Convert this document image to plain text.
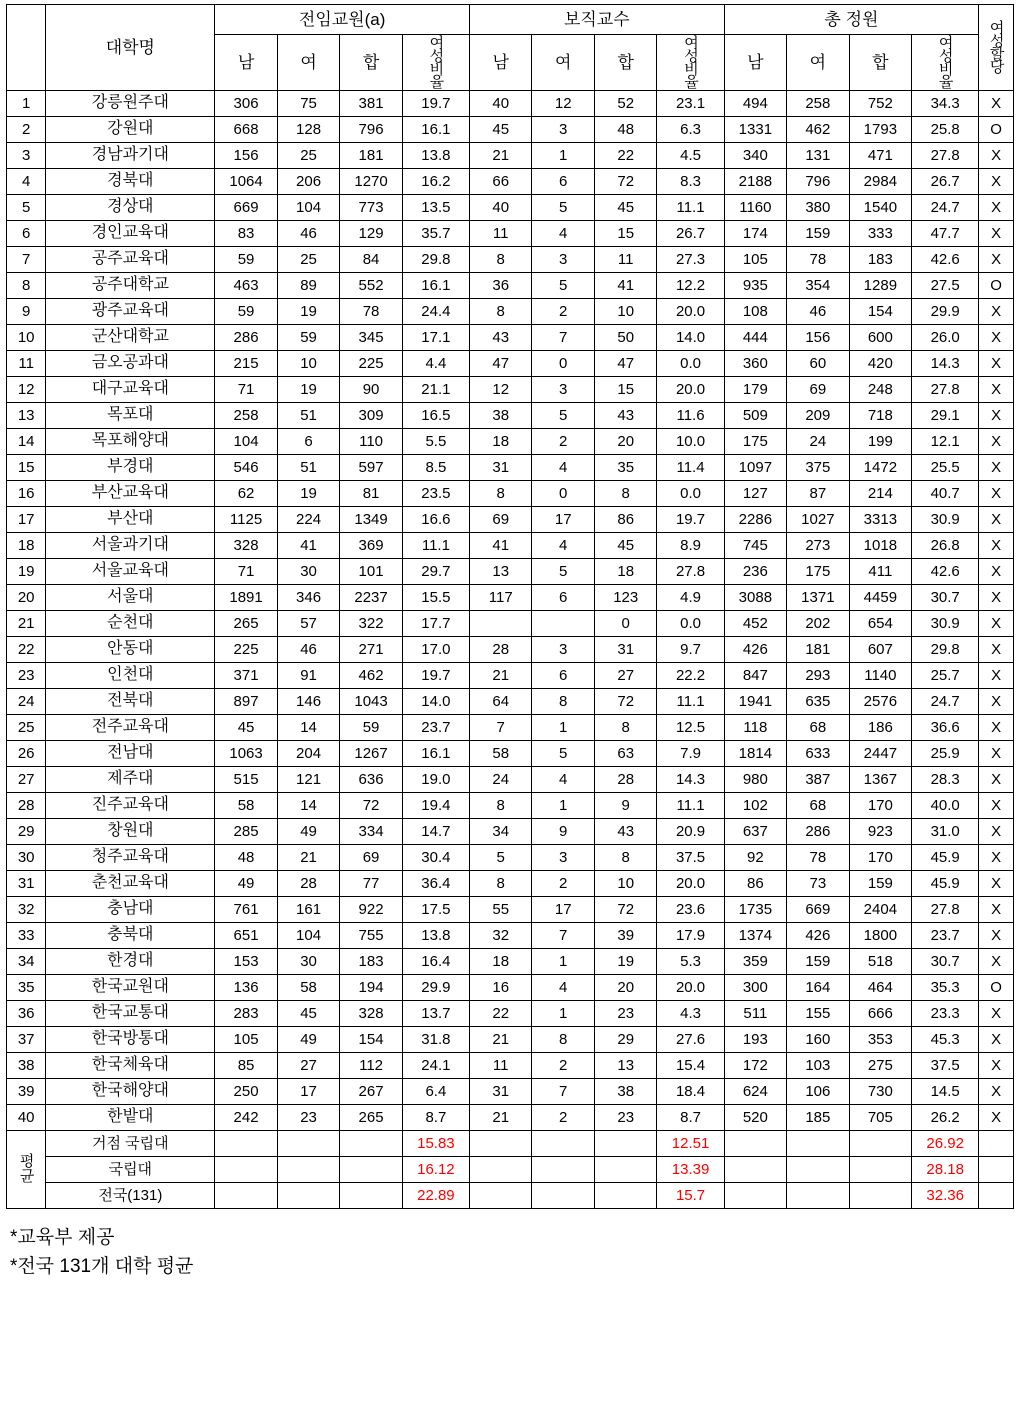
	대학명	전임교원(a)				보직교수				총 정원				여성할당
		남	여	합	여성비율	남	여	합	여성비율	남	여	합	여성비율	
1	강릉원주대	306	75	381	19.7	40	12	52	23.1	494	258	752	34.3	X
2	강원대	668	128	796	16.1	45	3	48	6.3	1331	462	1793	25.8	O
3	경남과기대	156	25	181	13.8	21	1	22	4.5	340	131	471	27.8	X
4	경북대	1064	206	1270	16.2	66	6	72	8.3	2188	796	2984	26.7	X
5	경상대	669	104	773	13.5	40	5	45	11.1	1160	380	1540	24.7	X
6	경인교육대	83	46	129	35.7	11	4	15	26.7	174	159	333	47.7	X
7	공주교육대	59	25	84	29.8	8	3	11	27.3	105	78	183	42.6	X
8	공주대학교	463	89	552	16.1	36	5	41	12.2	935	354	1289	27.5	O
9	광주교육대	59	19	78	24.4	8	2	10	20.0	108	46	154	29.9	X
10	군산대학교	286	59	345	17.1	43	7	50	14.0	444	156	600	26.0	X
11	금오공과대	215	10	225	4.4	47	0	47	0.0	360	60	420	14.3	X
12	대구교육대	71	19	90	21.1	12	3	15	20.0	179	69	248	27.8	X
13	목포대	258	51	309	16.5	38	5	43	11.6	509	209	718	29.1	X
14	목포해양대	104	6	110	5.5	18	2	20	10.0	175	24	199	12.1	X
15	부경대	546	51	597	8.5	31	4	35	11.4	1097	375	1472	25.5	X
16	부산교육대	62	19	81	23.5	8	0	8	0.0	127	87	214	40.7	X
17	부산대	1125	224	1349	16.6	69	17	86	19.7	2286	1027	3313	30.9	X
18	서울과기대	328	41	369	11.1	41	4	45	8.9	745	273	1018	26.8	X
19	서울교육대	71	30	101	29.7	13	5	18	27.8	236	175	411	42.6	X
20	서울대	1891	346	2237	15.5	117	6	123	4.9	3088	1371	4459	30.7	X
21	순천대	265	57	322	17.7			0	0.0	452	202	654	30.9	X
22	안동대	225	46	271	17.0	28	3	31	9.7	426	181	607	29.8	X
23	인천대	371	91	462	19.7	21	6	27	22.2	847	293	1140	25.7	X
24	전북대	897	146	1043	14.0	64	8	72	11.1	1941	635	2576	24.7	X
25	전주교육대	45	14	59	23.7	7	1	8	12.5	118	68	186	36.6	X
26	전남대	1063	204	1267	16.1	58	5	63	7.9	1814	633	2447	25.9	X
27	제주대	515	121	636	19.0	24	4	28	14.3	980	387	1367	28.3	X
28	진주교육대	58	14	72	19.4	8	1	9	11.1	102	68	170	40.0	X
29	창원대	285	49	334	14.7	34	9	43	20.9	637	286	923	31.0	X
30	청주교육대	48	21	69	30.4	5	3	8	37.5	92	78	170	45.9	X
31	춘천교육대	49	28	77	36.4	8	2	10	20.0	86	73	159	45.9	X
32	충남대	761	161	922	17.5	55	17	72	23.6	1735	669	2404	27.8	X
33	충북대	651	104	755	13.8	32	7	39	17.9	1374	426	1800	23.7	X
34	한경대	153	30	183	16.4	18	1	19	5.3	359	159	518	30.7	X
35	한국교원대	136	58	194	29.9	16	4	20	20.0	300	164	464	35.3	O
36	한국교통대	283	45	328	13.7	22	1	23	4.3	511	155	666	23.3	X
37	한국방통대	105	49	154	31.8	21	8	29	27.6	193	160	353	45.3	X
38	한국체육대	85	27	112	24.1	11	2	13	15.4	172	103	275	37.5	X
39	한국해양대	250	17	267	6.4	31	7	38	18.4	624	106	730	14.5	X
40	한밭대	242	23	265	8.7	21	2	23	8.7	520	185	705	26.2	X
평균	거점 국립대				15.83				12.51				26.92	
	국립대				16.12				13.39				28.18	
	전국(131)				22.89				15.7				32.36	
*교육부 제공
*전국 131개 대학 평균
